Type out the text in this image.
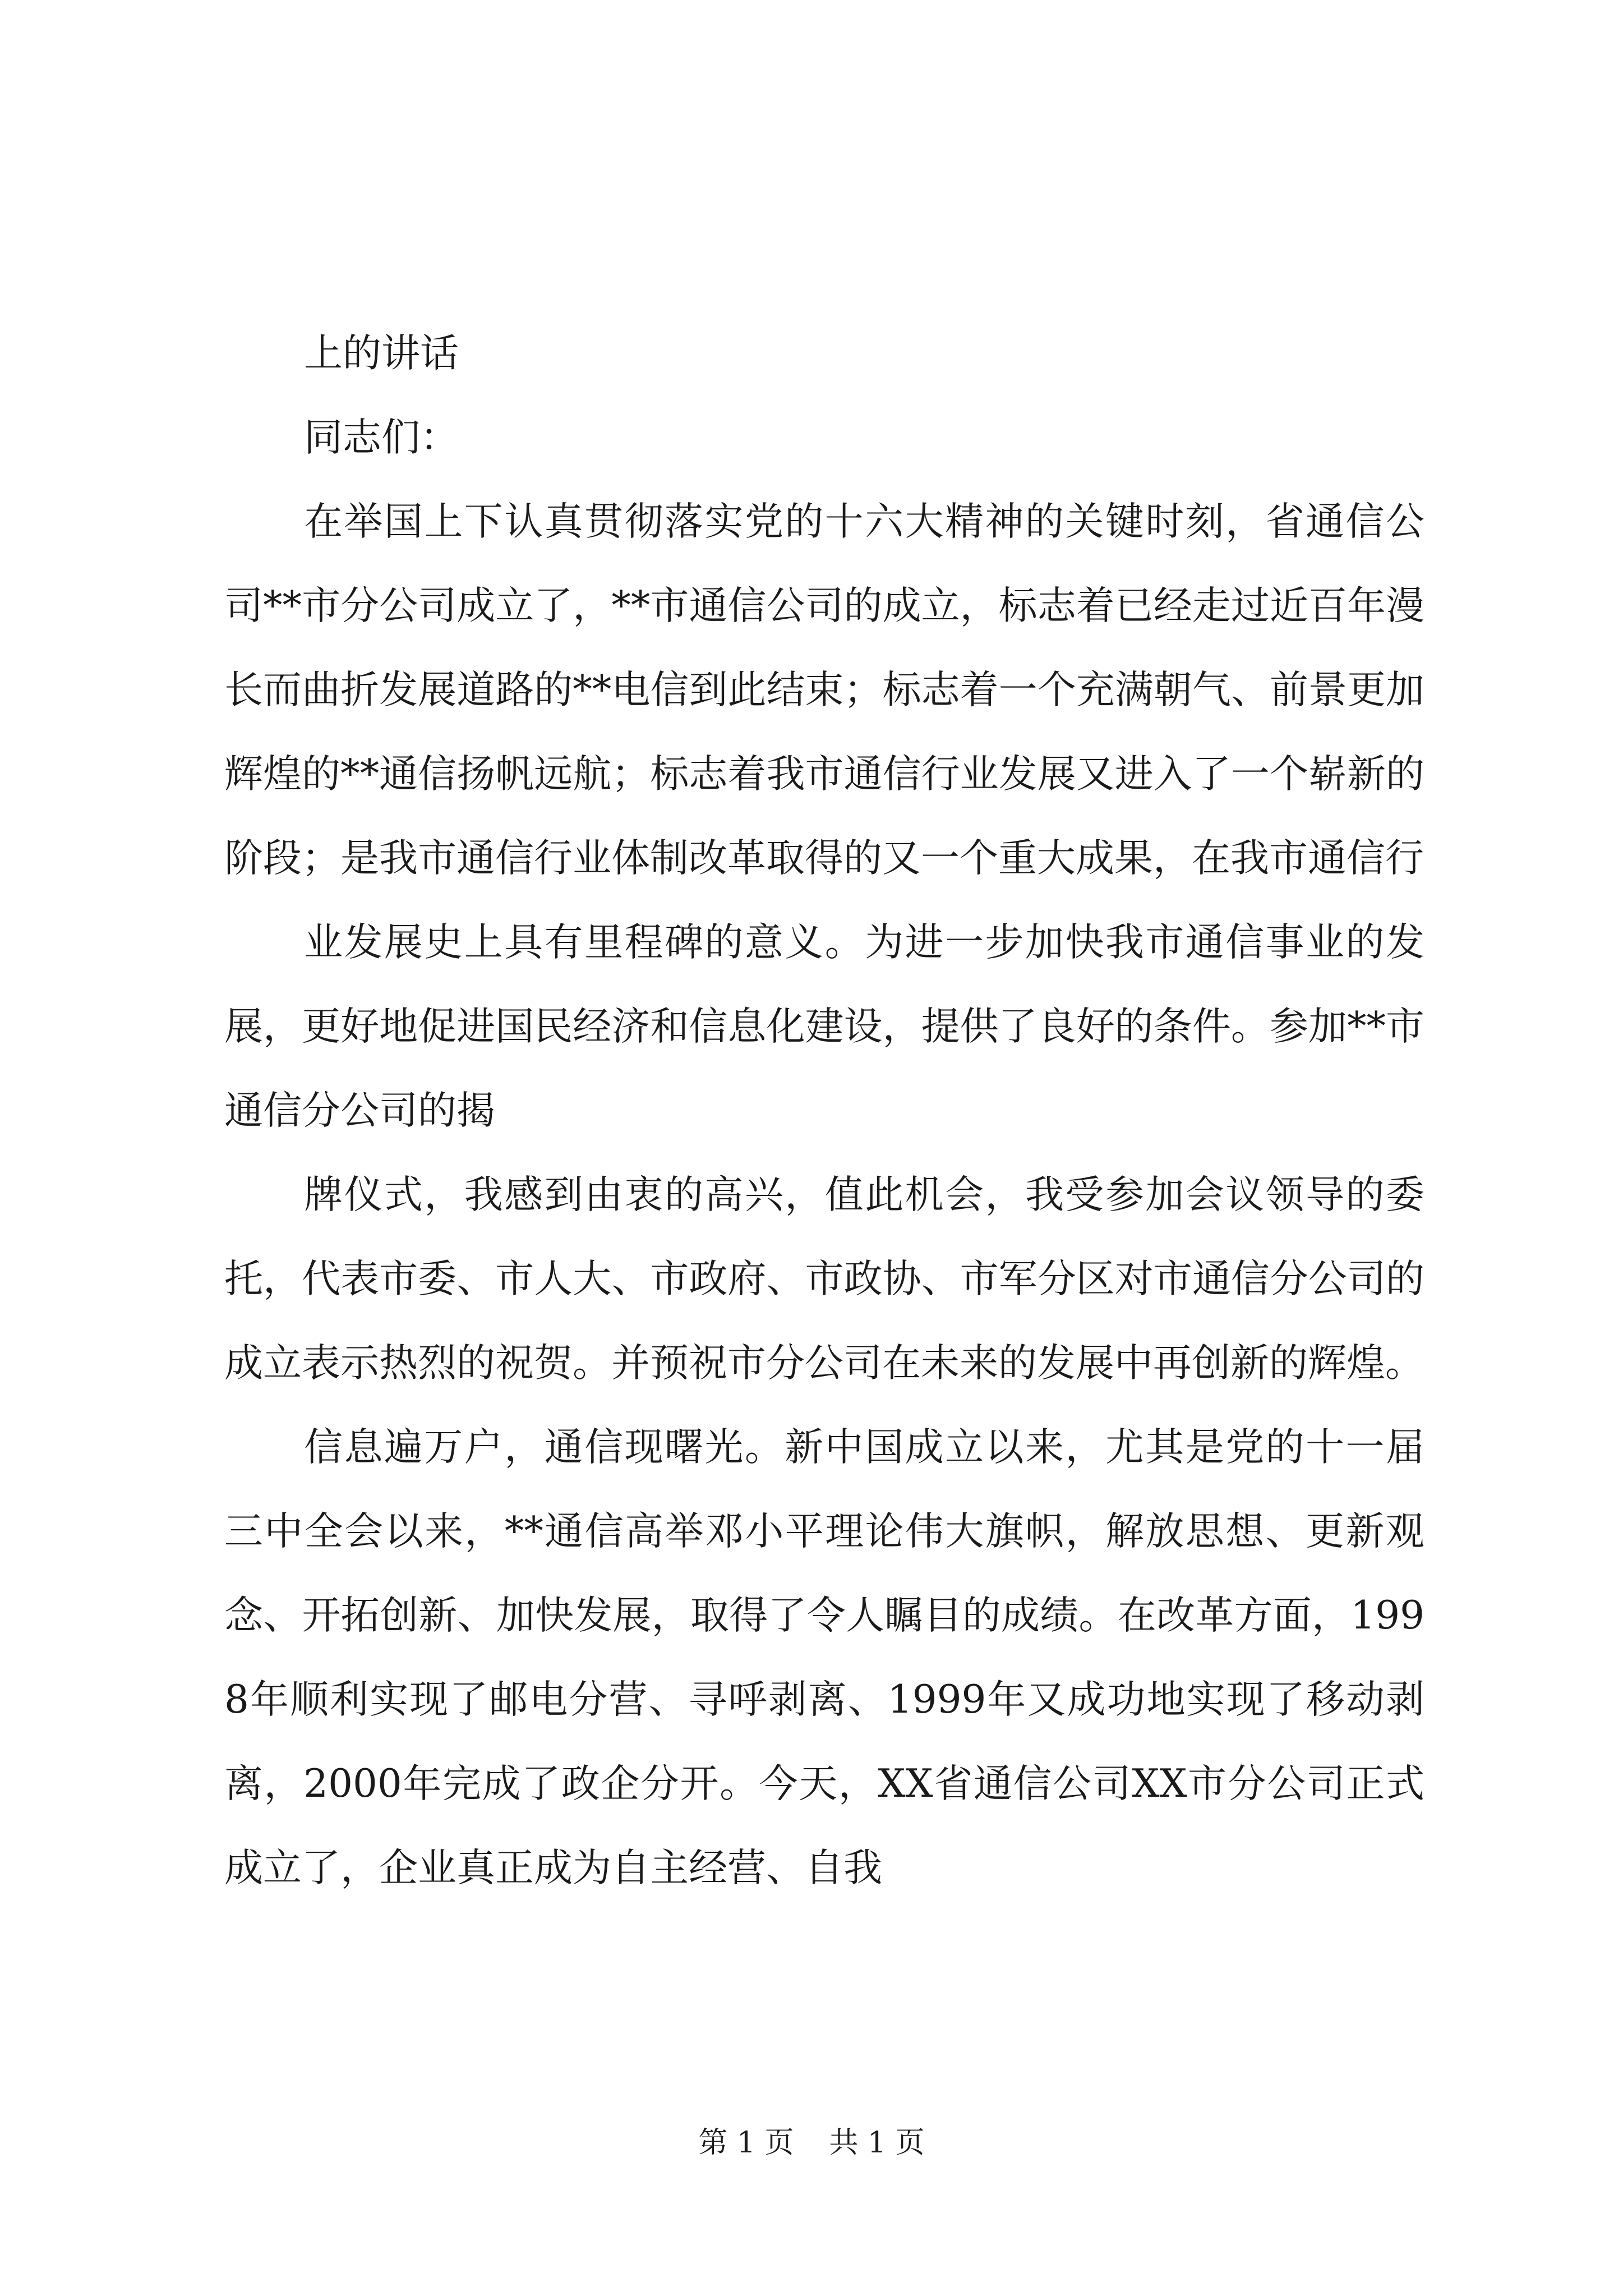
上的讲话

同志们：

在举国上下认真贯彻落实党的十六大精神的关键时刻，省通信公司**市分公司成立了，**市通信公司的成立，标志着已经走过近百年漫长而曲折发展道路的**电信到此结束；标志着一个充满朝气、前景更加辉煌的**通信扬帆远航；标志着我市通信行业发展又进入了一个崭新的阶段；是我市通信行业体制改革取得的又一个重大成果，在我市通信行

业发展史上具有里程碑的意义。为进一步加快我市通信事业的发展，更好地促进国民经济和信息化建设，提供了良好的条件。参加**市通信分公司的揭

牌仪式，我感到由衷的高兴，值此机会，我受参加会议领导的委托，代表市委、市人大、市政府、市政协、市军分区对市通信分公司的成立表示热烈的祝贺。并预祝市分公司在未来的发展中再创新的辉煌。

信息遍万户，通信现曙光。新中国成立以来，尤其是党的十一届三中全会以来，**通信高举邓小平理论伟大旗帜，解放思想、更新观念、开拓创新、加快发展，取得了令人瞩目的成绩。在改革方面，1998年顺利实现了邮电分营、寻呼剥离、1999年又成功地实现了移动剥离，2000年完成了政企分开。今天，XX省通信公司XX市分公司正式成立了，企业真正成为自主经营、自我

第 1 页 共 1 页
